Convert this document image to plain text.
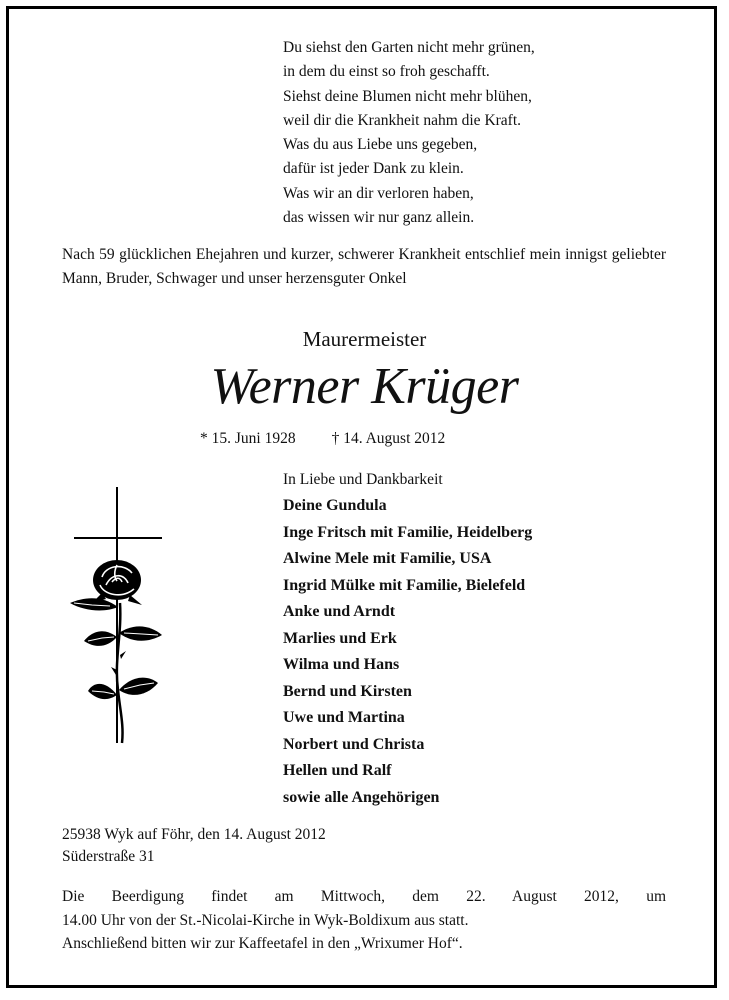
Du siehst den Garten nicht mehr grünen,
in dem du einst so froh geschafft.
Siehst deine Blumen nicht mehr blühen,
weil dir die Krankheit nahm die Kraft.
Was du aus Liebe uns gegeben,
dafür ist jeder Dank zu klein.
Was wir an dir verloren haben,
das wissen wir nur ganz allein.
Nach 59 glücklichen Ehejahren und kurzer, schwerer Krankheit entschlief mein innigst geliebter Mann, Bruder, Schwager und unser herzensguter Onkel
Maurermeister
Werner Krüger
* 15. Juni 1928 † 14. August 2012
In Liebe und Dankbarkeit
Deine Gundula
Inge Fritsch mit Familie, Heidelberg
Alwine Mele mit Familie, USA
Ingrid Mülke mit Familie, Bielefeld
Anke und Arndt
Marlies und Erk
Wilma und Hans
Bernd und Kirsten
Uwe und Martina
Norbert und Christa
Hellen und Ralf
sowie alle Angehörigen
25938 Wyk auf Föhr, den 14. August 2012
Süderstraße 31
Die Beerdigung findet am Mittwoch, dem 22. August 2012, um
14.00 Uhr von der St.-Nicolai-Kirche in Wyk-Boldixum aus statt.
Anschließend bitten wir zur Kaffeetafel in den „Wrixumer Hof“.
